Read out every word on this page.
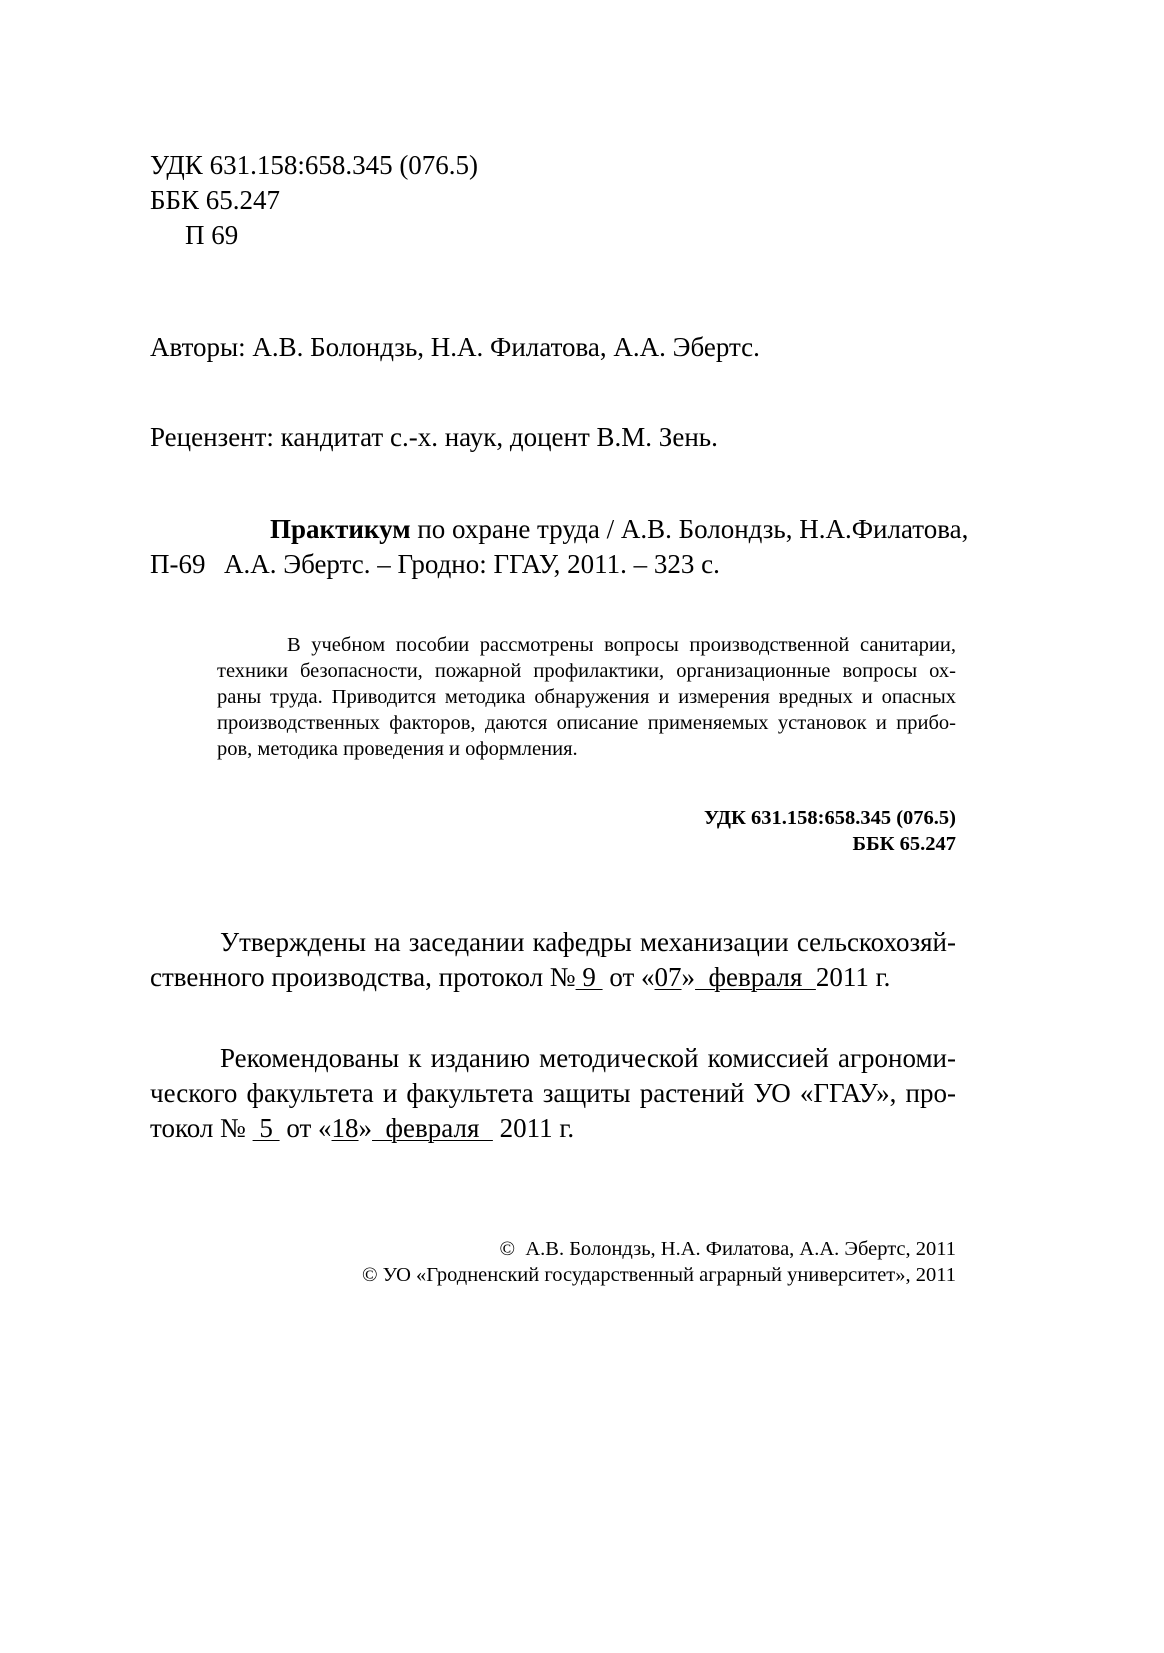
УДК 631.158:658.345 (076.5)
ББК 65.247
П 69
Авторы: А.В. Болондзь, Н.А. Филатова, А.А. Эбертс.
Рецензент: кандитат с.-х. наук, доцент В.М. Зень.
Практикум по охране труда / А.В. Болондзь, Н.А.Филатова,
П-69 А.А. Эбертс. – Гродно: ГГАУ, 2011. – 323 с.
В учебном пособии рассмотрены вопросы производственной санитарии,
техники безопасности, пожарной профилактики, организационные вопросы ох-
раны труда. Приводится методика обнаружения и измерения вредных и опасных
производственных факторов, даются описание применяемых установок и прибо-
ров, методика проведения и оформления.
УДК 631.158:658.345 (076.5)
ББК 65.247
Утверждены на заседании кафедры механизации сельскохозяй-
ственного производства, протокол № 9  от «07»  февраля  2011 г.
Рекомендованы к изданию методической комиссией агрономи-
ческого факультета и факультета защиты растений УО «ГГАУ», про-
токол №  5  от «18»  февраля   2011 г.
©  А.В. Болондзь, Н.А. Филатова, А.А. Эбертс, 2011
© УО «Гродненский государственный аграрный университет», 2011
